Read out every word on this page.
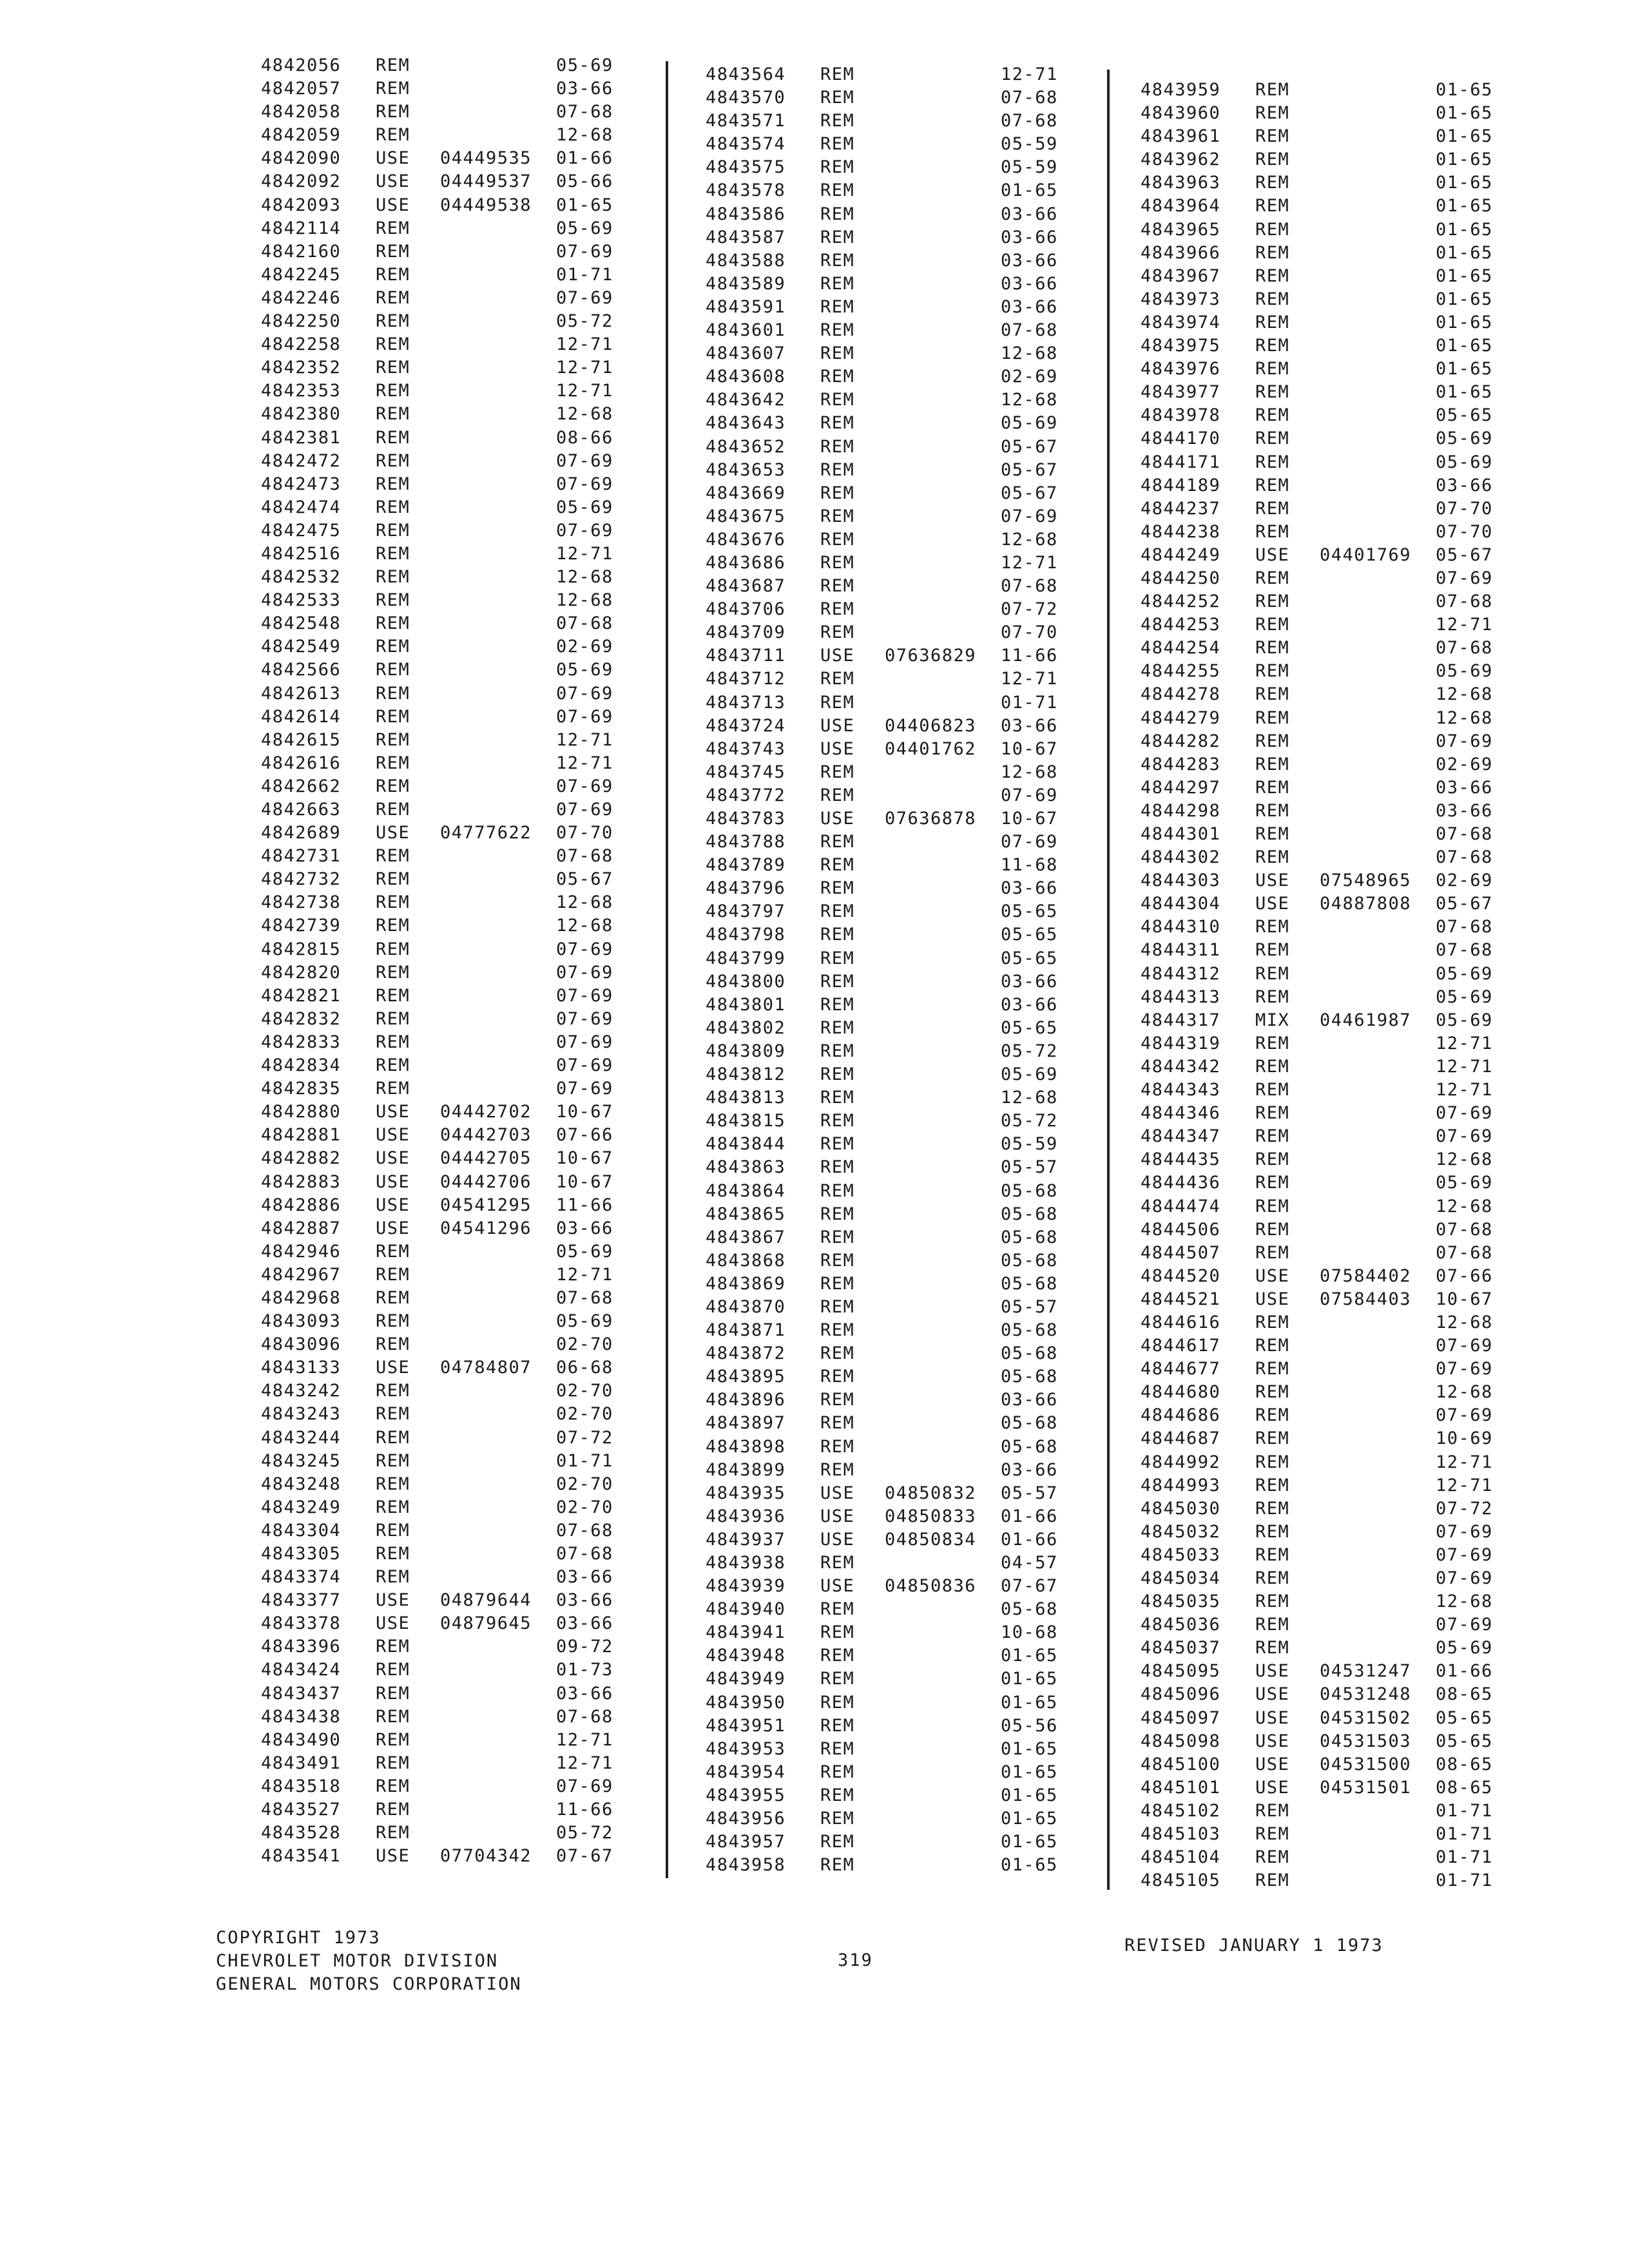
4842056 REM	05-69
4842057 REM	03-66
4842058 REM	07-68
4842059 REM	12-68
4842090 USE 04449535 01-66
4842092 USE 04449537 05-66
4842093 USE 04449538 01-65
4842114 REM	05-69
4842160 REM	07-69
4842245 REM	01-71
4842246 REM	07-69
4842250 REM	05-72
4842258 REM	12-71
4842352 REM	12-71
4842353 REM	12-71
4842380 REM	12-68
4842381 REM	08-66
4842472 REM	07-69
4842473 REM	07-69
4842474 REM	05-69
4842475 REM	07-69
4842516 REM	12-71
4842532 REM	12-68
4842533 REM	12-68
4842548 REM	07-68
4842549 REM	02-69
4842566 REM	05-69
4842613 REM	07-69
4842614 REM	07-69
4842615 REM	12-71
4842616 REM	12-71
4842662 REM	07-69
4842663 REM	07-69
4842689 USE 04777622 07-70
4842731 REM	07-68
4842732 REM	05-67
4842738 REM	12-68
4842739 REM	12-68
4842815 REM	07-69
4842820 REM	07-69
4842821 REM	07-69
4842832 REM	07-69
4842833 REM	07-69
4842834 REM	07-69
4842835 REM	07-69
4842880 USE 04442702 10-67
4842881 USE 04442703 07-66
4842882 USE 04442705 10-67
4842883 USE 04442706 10-67
4842886 USE 04541295 11-66
4842887 USE 04541296 03-66
4842946 REM	05-69
4842967 REM	12-71
4842968 REM	07-68
4843093 REM	05-69
4843096 REM	02-70
4843133 USE 04784807 06-68
4843242 REM	02-70
4843243 REM	02-70
4843244 REM	07-72
4843245 REM	01-71
4843248 REM	02-70
4843249 REM	02-70
4843304 REM	07-68
4843305 REM	07-68
4843374 REM	03-66
4843377 USE 04879644 03-66
4843378 USE 04879645 03-66
4843396 REM	09-72
4843424 REM	01-73
4843437 REM	03-66
4843438 REM	07-68
4843490 REM	12-71
4843491 REM	12-71
4843518 REM	07-69
4843527 REM	11-66
4843528 REM	05-72
4843541 USE 07704342 07-67
4843564 REM	12-71
4843570 REM	07-68
4843571 REM	07-68
4843574 REM	05-59
4843575 REM	05-59
4843578 REM	01-65
4843586 REM	03-66
4843587 REM	03-66
4843588 REM	03-66
4843589 REM	03-66
4843591 REM	03-66
4843601 REM	07-68
4843607 REM	12-68
4843608 REM	02-69
4843642 REM	12-68
4843643 REM	05-69
4843652 REM	05-67
4843653 REM	05-67
4843669 REM	05-67
4843675 REM	07-69
4843676 REM	12-68
4843686 REM	12-71
4843687 REM	07-68
4843706 REM	07-72
4843709 REM	07-70
4843711 USE 07636829 11-66
4843712 REM	12-71
4843713 REM	01-71
4843724 USE 04406823 03-66
4843743 USE 04401762 10-67
4843745 REM	12-68
4843772 REM	07-69
4843783 USE 07636878 10-67
4843788 REM	07-69
4843789 REM	11-68
4843796 REM	03-66
4843797 REM	05-65
4843798 REM	05-65
4843799 REM	05-65
4843800 REM	03-66
4843801 REM	03-66
4843802 REM	05-65
4843809 REM	05-72
4843812 REM	05-69
4843813 REM	12-68
4843815 REM	05-72
4843844 REM	05-59
4843863 REM	05-57
4843864 REM	05-68
4843865 REM	05-68
4843867 REM	05-68
4843868 REM	05-68
4843869 REM	05-68
4843870 REM	05-57
4843871 REM	05-68
4843872 REM	05-68
4843895 REM	05-68
4843896 REM	03-66
4843897 REM	05-68
4843898 REM	05-68
4843899 REM	03-66
4843935 USE 04850832 05-57
4843936 USE 04850833 01-66
4843937 USE 04850834 01-66
4843938 REM	04-57
4843939 USE 04850836 07-67
4843940 REM	05-68
4843941 REM	10-68
4843948 REM	01-65
4843949 REM	01-65
4843950 REM	01-65
4843951 REM	05-56
4843953 REM	01-65
4843954 REM	01-65
4843955 REM	01-65
4843956 REM	01-65
4843957 REM	01-65
4843958 REM	01-65
4843959 REM	01-65
4843960 REM	01-65
4843961 REM	01-65
4843962 REM	01-65
4843963 REM	01-65
4843964 REM	01-65
4843965 REM	01-65
4843966 REM	01-65
4843967 REM	01-65
4843973 REM	01-65
4843974 REM	01-65
4843975 REM	01-65
4843976 REM	01-65
4843977 REM	01-65
4843978 REM	05-65
4844170 REM	05-69
4844171 REM	05-69
4844189 REM	03-66
4844237 REM	07-70
4844238 REM	07-70
4844249 USE 04401769 05-67
4844250 REM	07-69
4844252 REM	07-68
4844253 REM	12-71
4844254 REM	07-68
4844255 REM	05-69
4844278 REM	12-68
4844279 REM	12-68
4844282 REM	07-69
4844283 REM	02-69
4844297 REM	03-66
4844298 REM	03-66
4844301 REM	07-68
4844302 REM	07-68
4844303 USE 07548965 02-69
4844304 USE 04887808 05-67
4844310 REM	07-68
4844311 REM	07-68
4844312 REM	05-69
4844313 REM	05-69
4844317 MIX 04461987 05-69
4844319 REM	12-71
4844342 REM	12-71
4844343 REM	12-71
4844346 REM	07-69
4844347 REM	07-69
4844435 REM	12-68
4844436 REM	05-69
4844474 REM	12-68
4844506 REM	07-68
4844507 REM	07-68
4844520 USE 07584402 07-66
4844521 USE 07584403 10-67
4844616 REM	12-68
4844617 REM	07-69
4844677 REM	07-69
4844680 REM	12-68
4844686 REM	07-69
4844687 REM	10-69
4844992 REM	12-71
4844993 REM	12-71
4845030 REM	07-72
4845032 REM	07-69
4845033 REM	07-69
4845034 REM	07-69
4845035 REM	12-68
4845036 REM	07-69
4845037 REM	05-69
4845095 USE 04531247 01-66
4845096 USE 04531248 08-65
4845097 USE 04531502 05-65
4845098 USE 04531503 05-65
4845100 USE 04531500 08-65
4845101 USE 04531501 08-65
4845102 REM	01-71
4845103 REM	01-71
4845104 REM	01-71
4845105 REM	01-71
COPYRIGHT 1973
CHEVROLET MOTOR DIVISION
GENERAL MOTORS CORPORATION
319
REVISED JANUARY 1 1973
